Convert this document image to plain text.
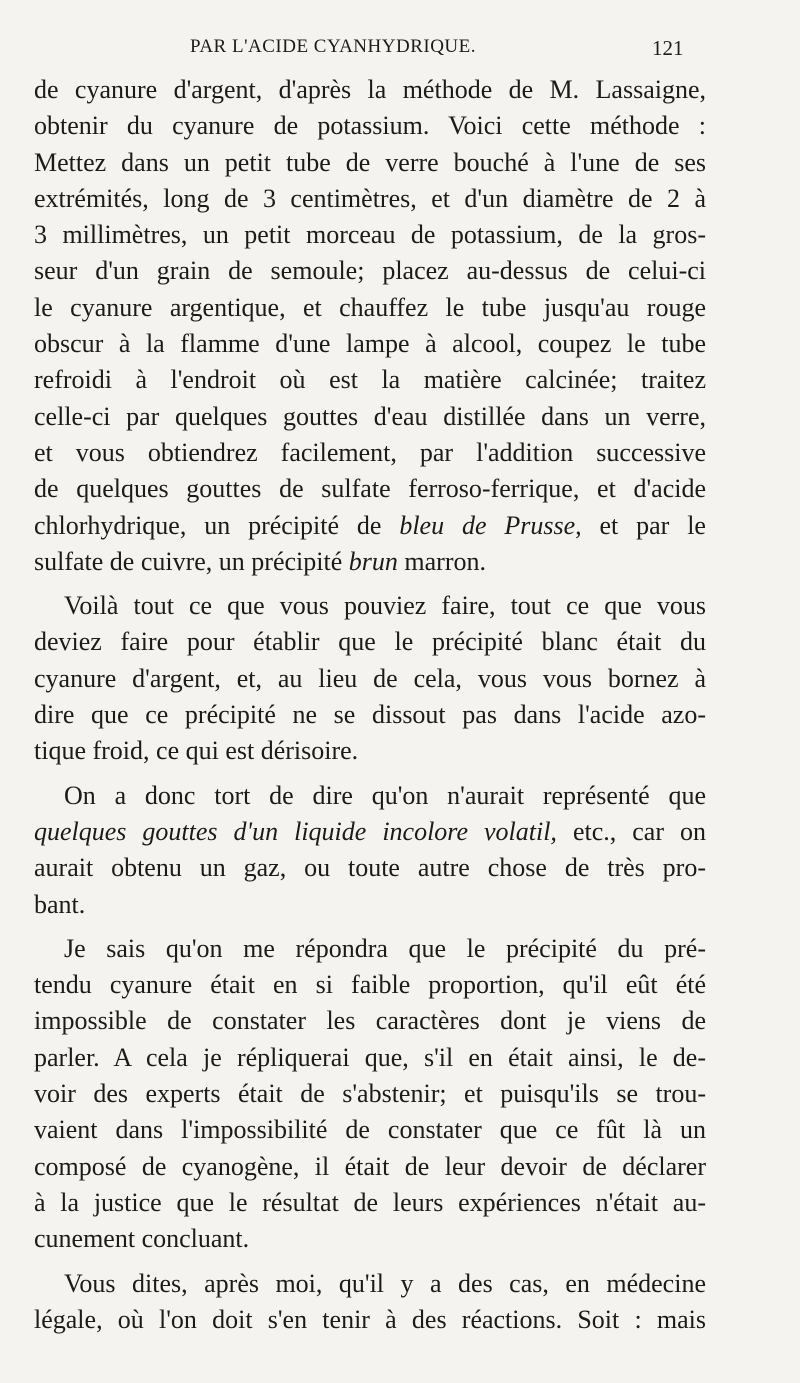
PAR L'ACIDE CYANHYDRIQUE.	121
de cyanure d'argent, d'après la méthode de M. Lassaigne,
obtenir du cyanure de potassium. Voici cette méthode :
Mettez dans un petit tube de verre bouché à l'une de ses
extrémités, long de 3 centimètres, et d'un diamètre de 2 à
3 millimètres, un petit morceau de potassium, de la gros-
seur d'un grain de semoule; placez au-dessus de celui-ci
le cyanure argentique, et chauffez le tube jusqu'au rouge
obscur à la flamme d'une lampe à alcool, coupez le tube
refroidi à l'endroit où est la matière calcinée; traitez
celle-ci par quelques gouttes d'eau distillée dans un verre,
et vous obtiendrez facilement, par l'addition successive
de quelques gouttes de sulfate ferroso-ferrique, et d'acide
chlorhydrique, un précipité de bleu de Prusse, et par le
sulfate de cuivre, un précipité brun marron.
Voilà tout ce que vous pouviez faire, tout ce que vous
deviez faire pour établir que le précipité blanc était du
cyanure d'argent, et, au lieu de cela, vous vous bornez à
dire que ce précipité ne se dissout pas dans l'acide azo-
tique froid, ce qui est dérisoire.
On a donc tort de dire qu'on n'aurait représenté que
quelques gouttes d'un liquide incolore volatil, etc., car on
aurait obtenu un gaz, ou toute autre chose de très pro-
bant.
Je sais qu'on me répondra que le précipité du pré-
tendu cyanure était en si faible proportion, qu'il eût été
impossible de constater les caractères dont je viens de
parler. A cela je répliquerai que, s'il en était ainsi, le de-
voir des experts était de s'abstenir; et puisqu'ils se trou-
vaient dans l'impossibilité de constater que ce fût là un
composé de cyanogène, il était de leur devoir de déclarer
à la justice que le résultat de leurs expériences n'était au-
cunement concluant.
Vous dites, après moi, qu'il y a des cas, en médecine
légale, où l'on doit s'en tenir à des réactions. Soit : mais
